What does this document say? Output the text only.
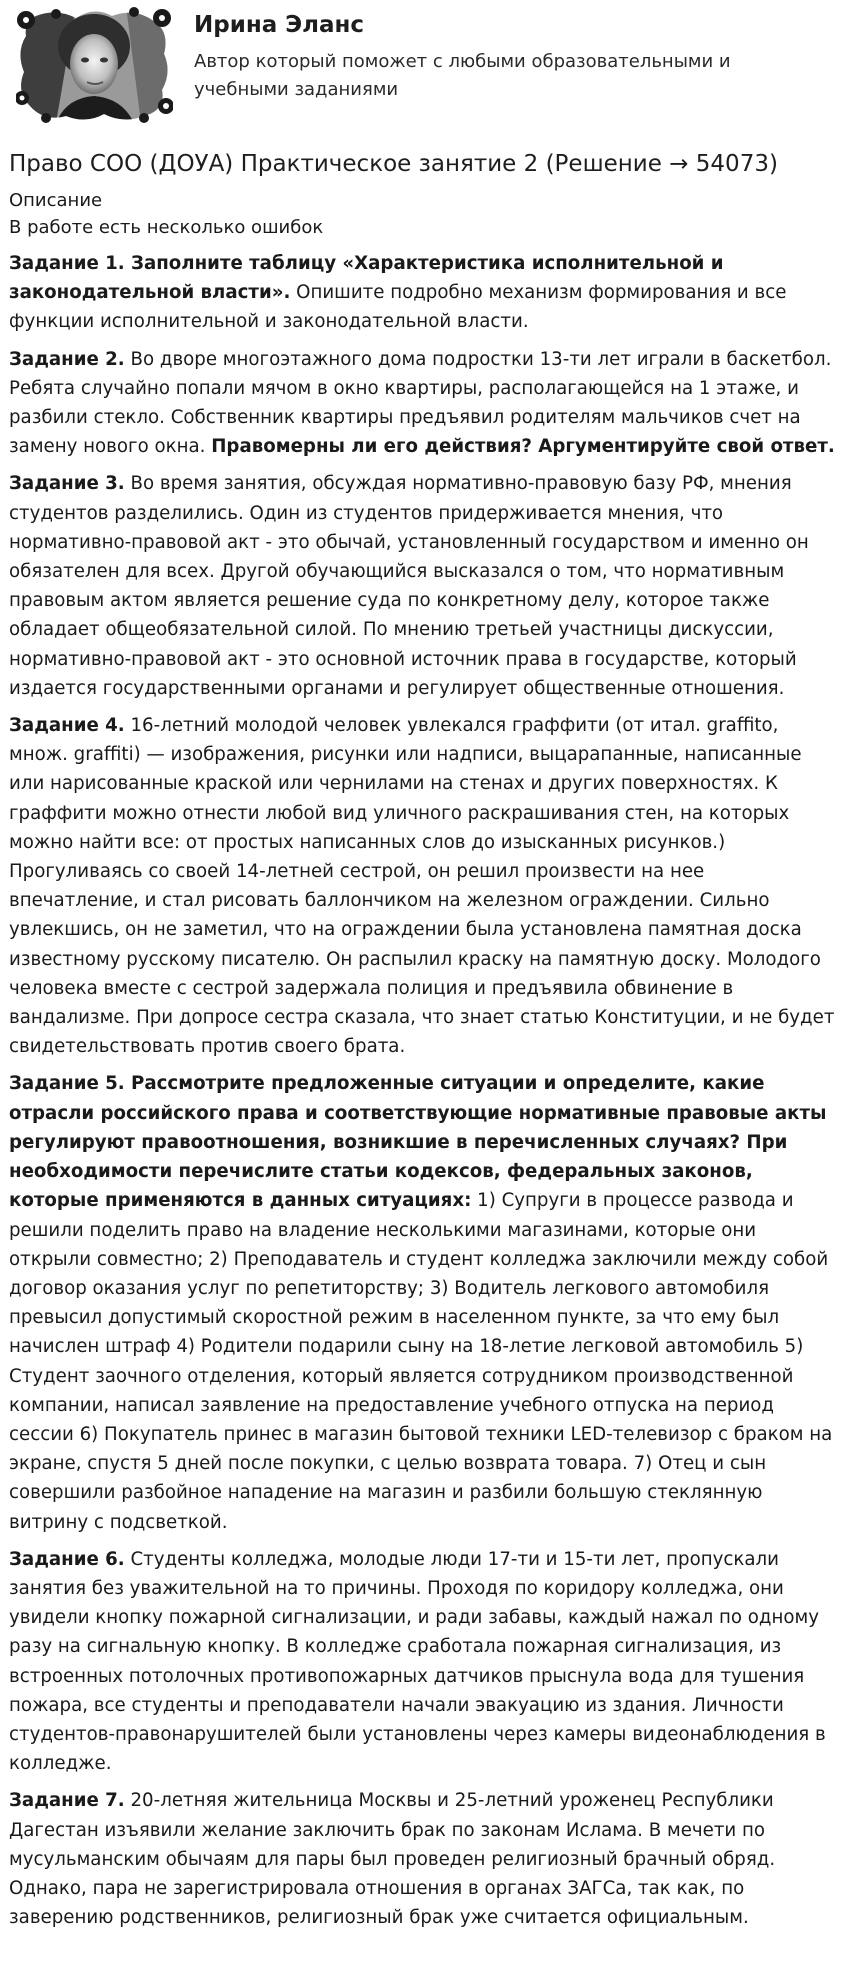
Ирина Эланс
Автор который поможет с любыми образовательными и учебными заданиями
Право СОО (ДОУА) Практическое занятие 2 (Решение → 54073)
Описание
В работе есть несколько ошибок

Задание 1. Заполните таблицу «Характеристика исполнительной и законодательной власти». Опишите подробно механизм формирования и все функции исполнительной и законодательной власти.

Задание 2. Во дворе многоэтажного дома подростки 13-ти лет играли в баскетбол. Ребята случайно попали мячом в окно квартиры, располагающейся на 1 этаже, и разбили стекло. Собственник квартиры предъявил родителям мальчиков счет на замену нового окна. Правомерны ли его действия? Аргументируйте свой ответ.

Задание 3. Во время занятия, обсуждая нормативно-правовую базу РФ, мнения студентов разделились. Один из студентов придерживается мнения, что нормативно-правовой акт - это обычай, установленный государством и именно он обязателен для всех. Другой обучающийся высказался о том, что нормативным правовым актом является решение суда по конкретному делу, которое также обладает общеобязательной силой. По мнению третьей участницы дискуссии, нормативно-правовой акт - это основной источник права в государстве, который издается государственными органами и регулирует общественные отношения.

Задание 4. 16-летний молодой человек увлекался граффити (от итал. graffito, множ. graffiti) — изображения, рисунки или надписи, выцарапанные, написанные или нарисованные краской или чернилами на стенах и других поверхностях. К граффити можно отнести любой вид уличного раскрашивания стен, на которых можно найти все: от простых написанных слов до изысканных рисунков.) Прогуливаясь со своей 14-летней сестрой, он решил произвести на нее впечатление, и стал рисовать баллончиком на железном ограждении. Сильно увлекшись, он не заметил, что на ограждении была установлена памятная доска известному русскому писателю. Он распылил краску на памятную доску. Молодого человека вместе с сестрой задержала полиция и предъявила обвинение в вандализме. При допросе сестра сказала, что знает статью Конституции, и не будет свидетельствовать против своего брата.

Задание 5. Рассмотрите предложенные ситуации и определите, какие отрасли российского права и соответствующие нормативные правовые акты регулируют правоотношения, возникшие в перечисленных случаях? При необходимости перечислите статьи кодексов, федеральных законов, которые применяются в данных ситуациях: 1) Супруги в процессе развода и решили поделить право на владение несколькими магазинами, которые они открыли совместно; 2) Преподаватель и студент колледжа заключили между собой договор оказания услуг по репетиторству; 3) Водитель легкового автомобиля превысил допустимый скоростной режим в населенном пункте, за что ему был начислен штраф 4) Родители подарили сыну на 18-летие легковой автомобиль 5) Студент заочного отделения, который является сотрудником производственной компании, написал заявление на предоставление учебного отпуска на период сессии 6) Покупатель принес в магазин бытовой техники LED-телевизор с браком на экране, спустя 5 дней после покупки, с целью возврата товара. 7) Отец и сын совершили разбойное нападение на магазин и разбили большую стеклянную витрину с подсветкой.

Задание 6. Студенты колледжа, молодые люди 17-ти и 15-ти лет, пропускали занятия без уважительной на то причины. Проходя по коридору колледжа, они увидели кнопку пожарной сигнализации, и ради забавы, каждый нажал по одному разу на сигнальную кнопку. В колледже сработала пожарная сигнализация, из встроенных потолочных противопожарных датчиков прыснула вода для тушения пожара, все студенты и преподаватели начали эвакуацию из здания. Личности студентов-правонарушителей были установлены через камеры видеонаблюдения в колледже.

Задание 7. 20-летняя жительница Москвы и 25-летний уроженец Республики Дагестан изъявили желание заключить брак по законам Ислама. В мечети по мусульманским обычаям для пары был проведен религиозный брачный обряд. Однако, пара не зарегистрировала отношения в органах ЗАГСа, так как, по заверению родственников, религиозный брак уже считается официальным.
